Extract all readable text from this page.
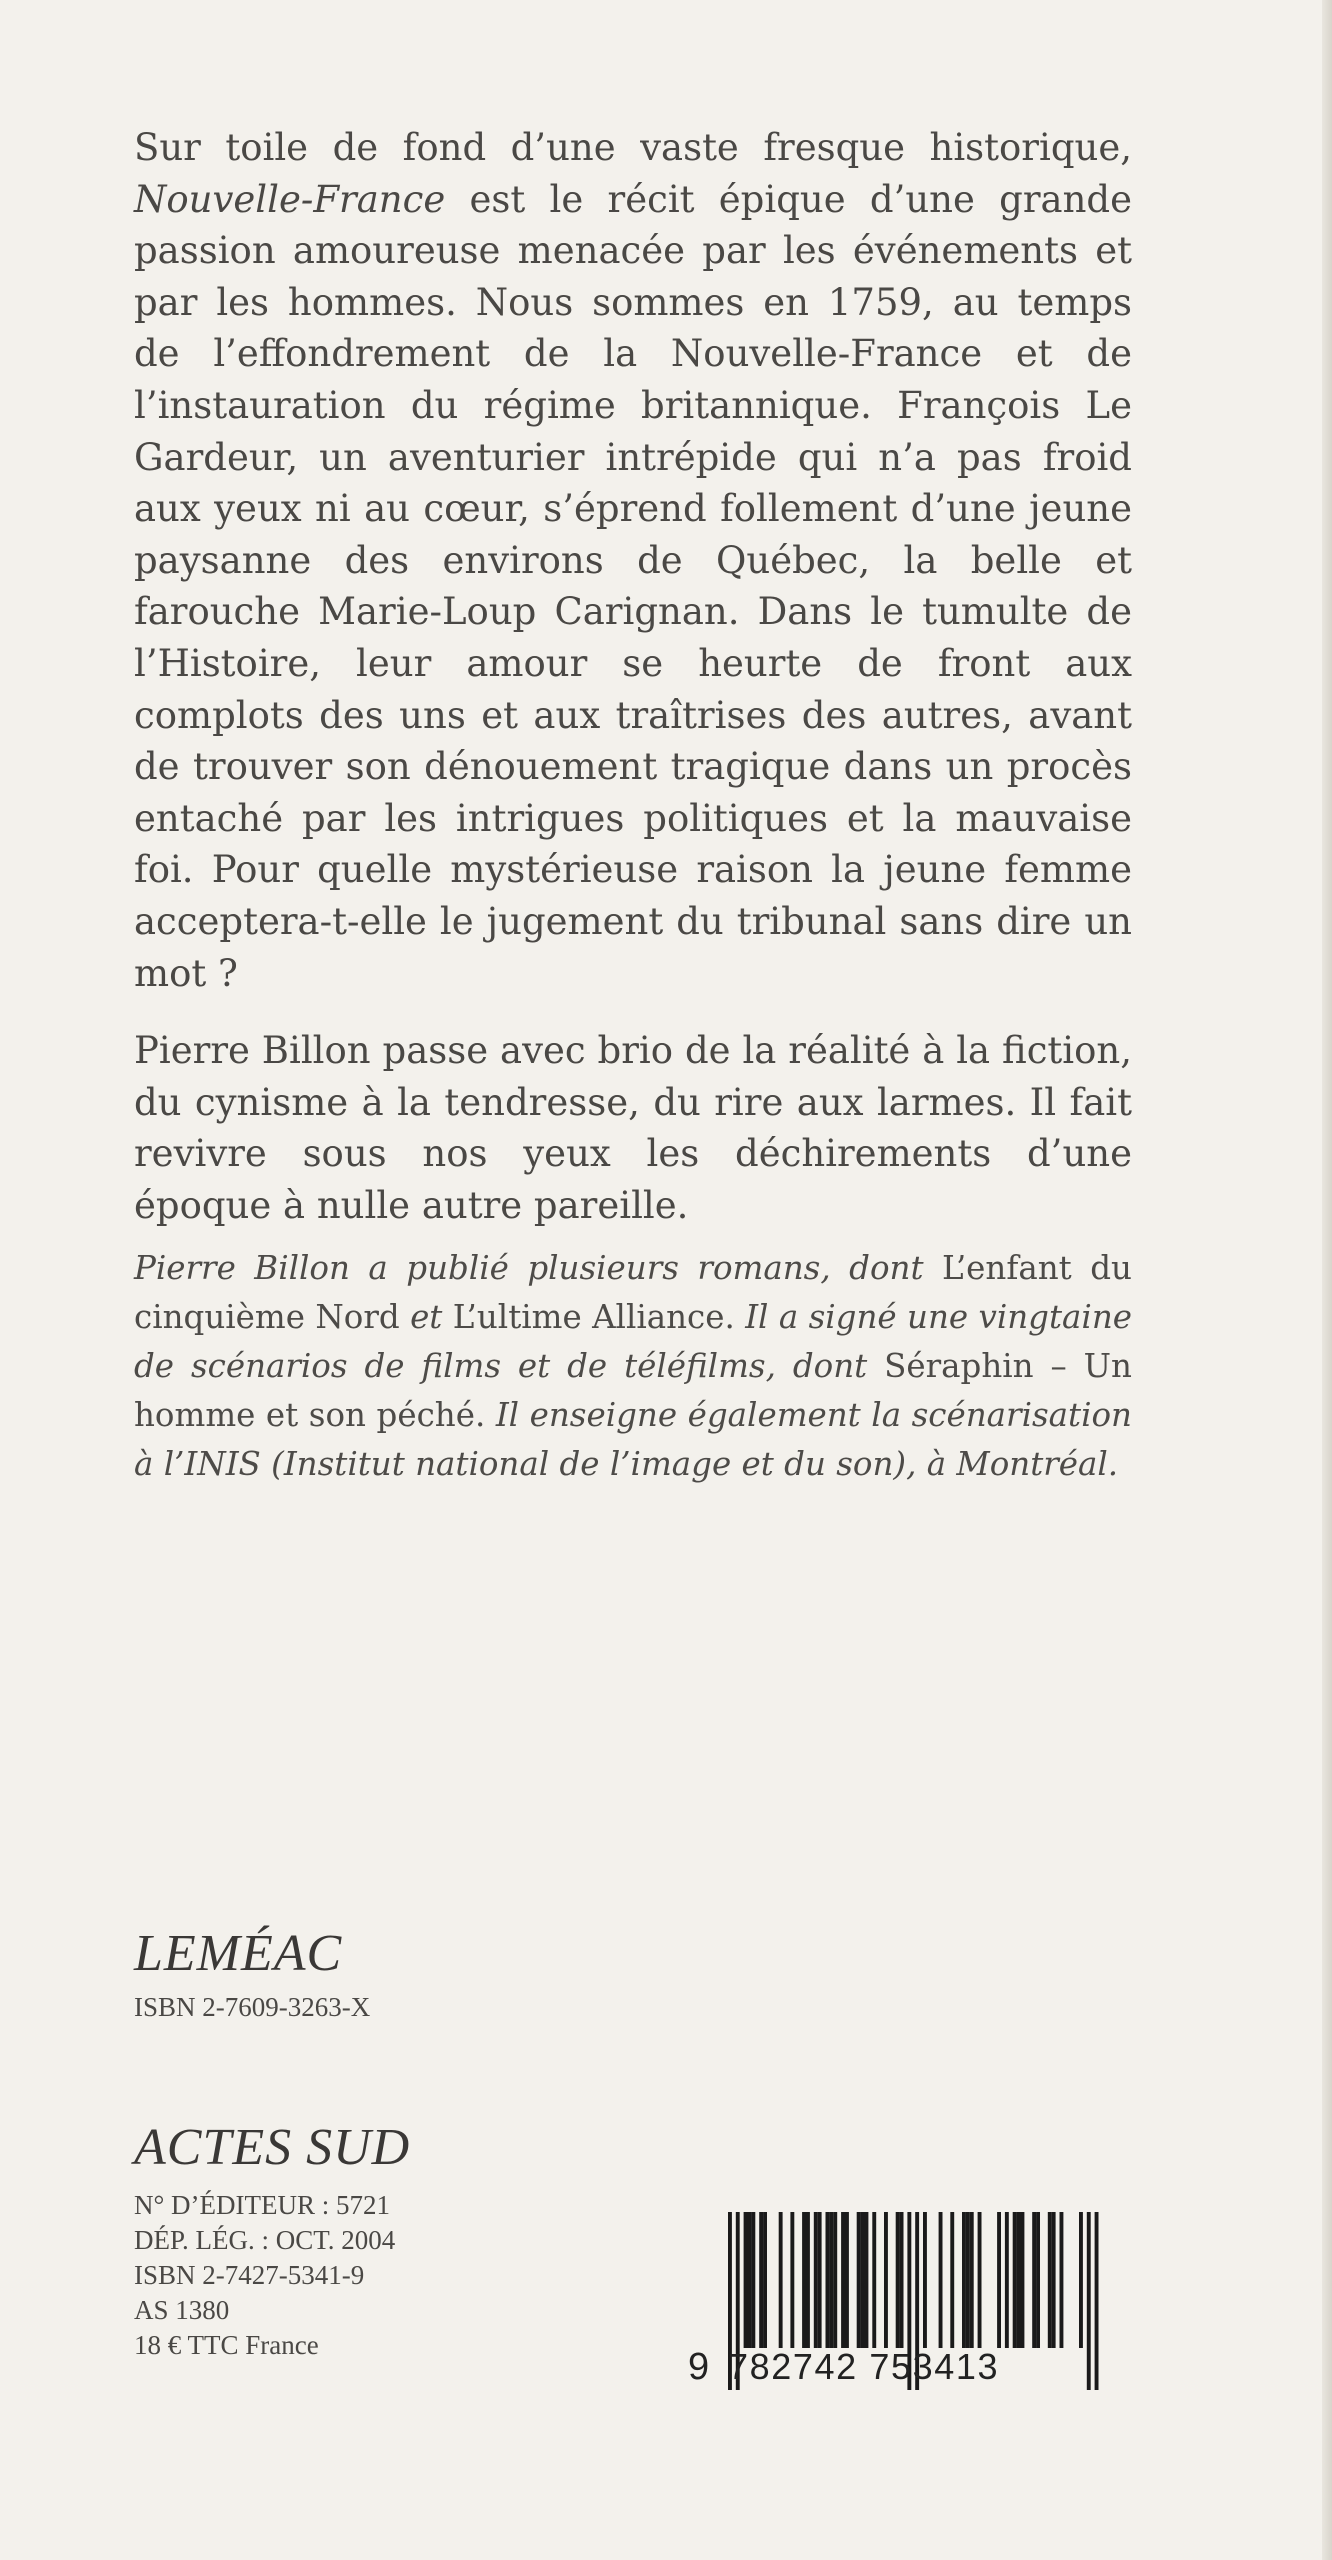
Sur toile de fond d’une vaste fresque historique, Nouvelle-France est le récit épique d’une grande passion amoureuse menacée par les événements et par les hommes. Nous sommes en 1759, au temps de l’effondrement de la Nouvelle-France et de l’instauration du régime britannique. François Le Gardeur, un aventurier intrépide qui n’a pas froid aux yeux ni au cœur, s’éprend follement d’une jeune paysanne des environs de Québec, la belle et farouche Marie-Loup Carignan. Dans le tumulte de l’Histoire, leur amour se heurte de front aux complots des uns et aux traîtrises des autres, avant de trouver son dénouement tragique dans un procès entaché par les intrigues politiques et la mauvaise foi. Pour quelle mystérieuse raison la jeune femme acceptera-t-elle le jugement du tribunal sans dire un mot ?

Pierre Billon passe avec brio de la réalité à la fiction, du cynisme à la tendresse, du rire aux larmes. Il fait revivre sous nos yeux les déchirements d’une époque à nulle autre pareille.

Pierre Billon a publié plusieurs romans, dont L’enfant du cinquième Nord et L’ultime Alliance. Il a signé une vingtaine de scénarios de films et de téléfilms, dont Séraphin – Un homme et son péché. Il enseigne également la scénarisation à l’INIS (Institut national de l’image et du son), à Montréal.
LEMÉAC
ISBN 2-7609-3263-X
ACTES SUD
N° D’ÉDITEUR : 5721
DÉP. LÉG. : OCT. 2004
ISBN 2-7427-5341-9
AS 1380
18 € TTC France
9 782742 753413
